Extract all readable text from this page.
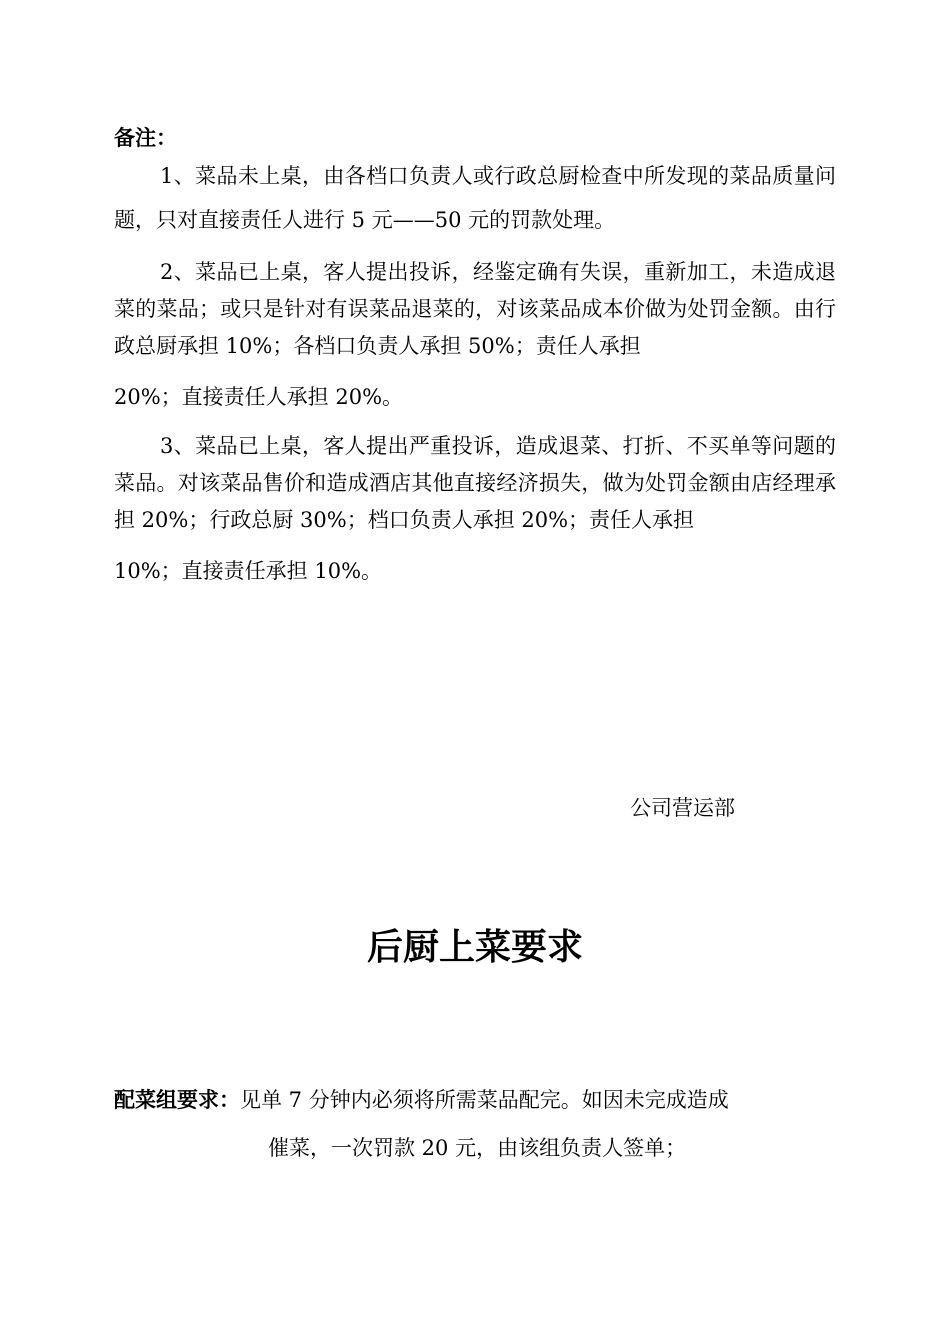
备注：
1、菜品未上桌，由各档口负责人或行政总厨检查中所发现的菜品质量问题，只对直接责任人进行 5 元——50 元的罚款处理。
2、菜品已上桌，客人提出投诉，经鉴定确有失误，重新加工，未造成退菜的菜品；或只是针对有误菜品退菜的，对该菜品成本价做为处罚金额。由行政总厨承担 10%；各档口负责人承担 50%；责任人承担
20%；直接责任人承担 20%。
3、菜品已上桌，客人提出严重投诉，造成退菜、打折、不买单等问题的菜品。对该菜品售价和造成酒店其他直接经济损失，做为处罚金额由店经理承担 20%；行政总厨 30%；档口负责人承担 20%；责任人承担
10%；直接责任承担 10%。
公司营运部
后厨上菜要求
配菜组要求：见单 7 分钟内必须将所需菜品配完。如因未完成造成
催菜，一次罚款 20 元，由该组负责人签单；
